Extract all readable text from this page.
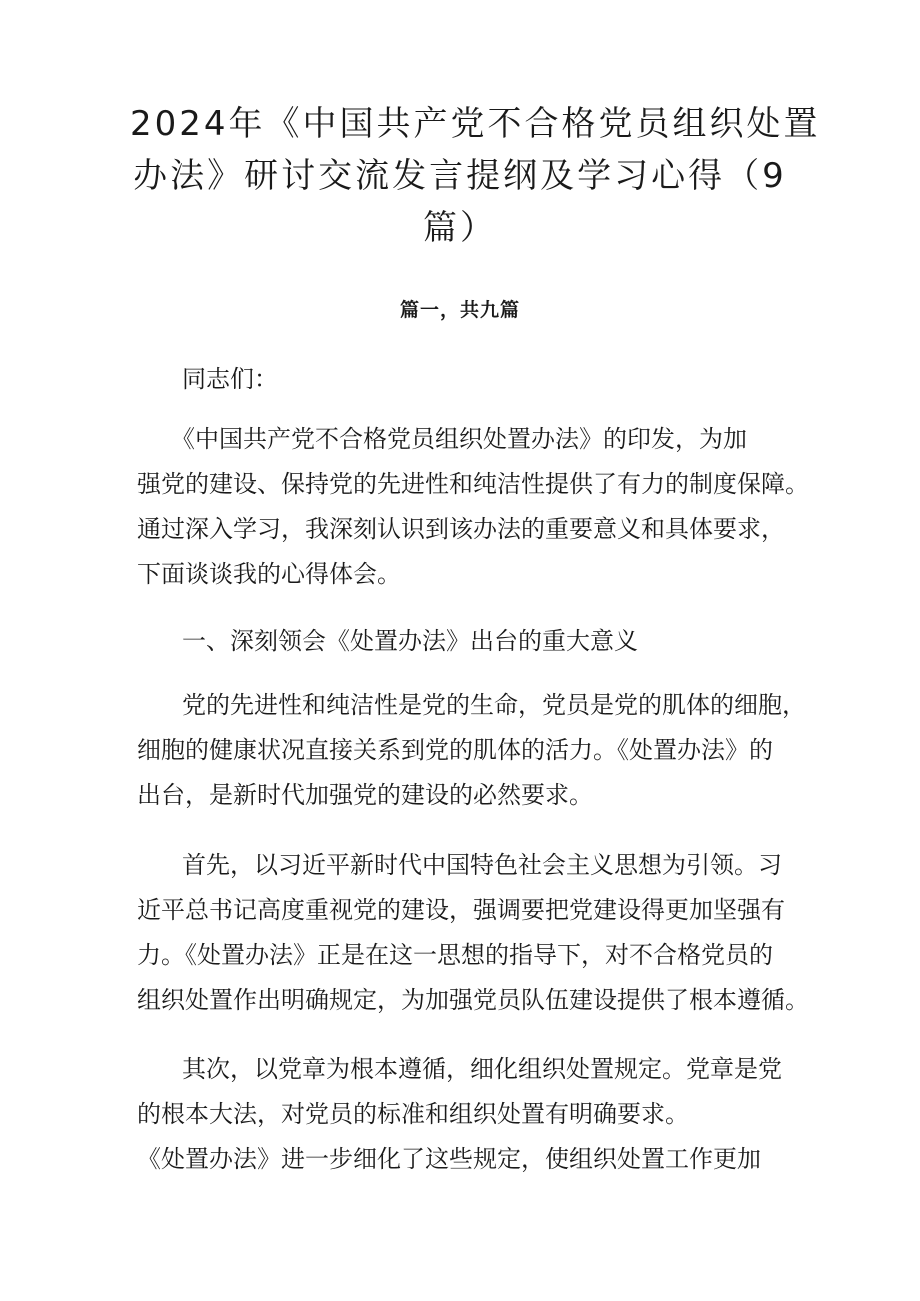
2024年《中国共产党不合格党员组织处置
办法》研讨交流发言提纲及学习心得（9
篇）
篇一，共九篇
同志们：
《中国共产党不合格党员组织处置办法》的印发，为加
强党的建设、保持党的先进性和纯洁性提供了有力的制度保障。
通过深入学习，我深刻认识到该办法的重要意义和具体要求，
下面谈谈我的心得体会。
一、深刻领会《处置办法》出台的重大意义
党的先进性和纯洁性是党的生命，党员是党的肌体的细胞，
细胞的健康状况直接关系到党的肌体的活力。《处置办法》的
出台，是新时代加强党的建设的必然要求。
首先，以习近平新时代中国特色社会主义思想为引领。习
近平总书记高度重视党的建设，强调要把党建设得更加坚强有
力。《处置办法》正是在这一思想的指导下，对不合格党员的
组织处置作出明确规定，为加强党员队伍建设提供了根本遵循。
其次，以党章为根本遵循，细化组织处置规定。党章是党
的根本大法，对党员的标准和组织处置有明确要求。
《处置办法》进一步细化了这些规定，使组织处置工作更加
